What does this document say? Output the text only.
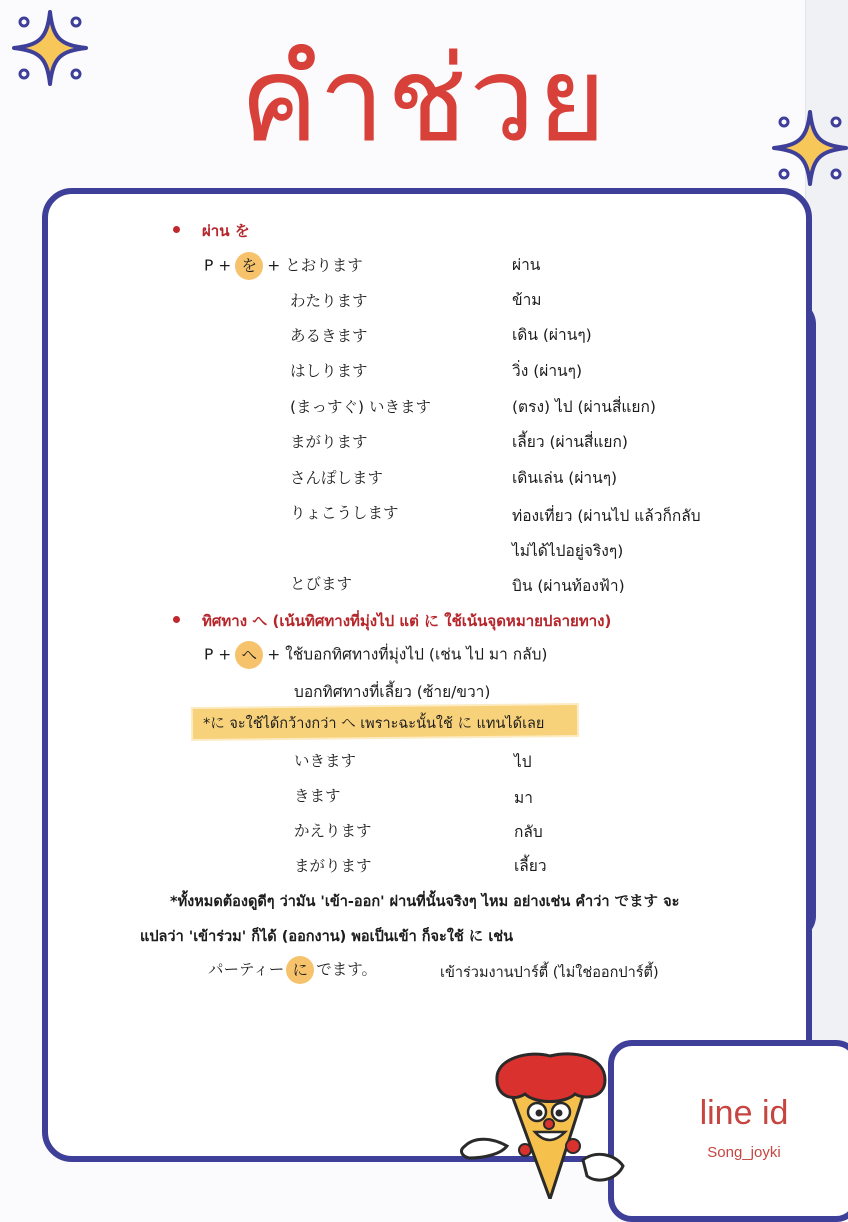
คำช่วย
ผ่าน を
P + を + とおります	ผ่าน
わたります	ข้าม
あるきます	เดิน (ผ่านๆ)
はしります	วิ่ง (ผ่านๆ)
(まっすぐ) いきます	(ตรง) ไป (ผ่านสี่แยก)
まがります	เลี้ยว (ผ่านสี่แยก)
さんぽします	เดินเล่น (ผ่านๆ)
りょこうします	ท่องเที่ยว (ผ่านไป แล้วก็กลับ
ไม่ได้ไปอยู่จริงๆ)
とびます	บิน (ผ่านท้องฟ้า)
ทิศทาง へ (เน้นทิศทางที่มุ่งไป แต่ に ใช้เน้นจุดหมายปลายทาง)
P + へ + ใช้บอกทิศทางที่มุ่งไป (เช่น ไป มา กลับ)
บอกทิศทางที่เลี้ยว (ซ้าย/ขวา)
*に จะใช้ได้กว้างกว่า へ เพราะฉะนั้นใช้ に แทนได้เลย
いきます	ไป
きます	มา
かえります	กลับ
まがります	เลี้ยว
*ทั้งหมดต้องดูดีๆ ว่ามัน 'เข้า-ออก' ผ่านที่นั้นจริงๆ ไหม อย่างเช่น คำว่า でます จะ
แปลว่า 'เข้าร่วม' ก็ได้ (ออกงาน) พอเป็นเข้า ก็จะใช้ に เช่น
パーティー に でます。	เข้าร่วมงานปาร์ตี้ (ไม่ใช่ออกปาร์ตี้)
line id
Song_joyki
